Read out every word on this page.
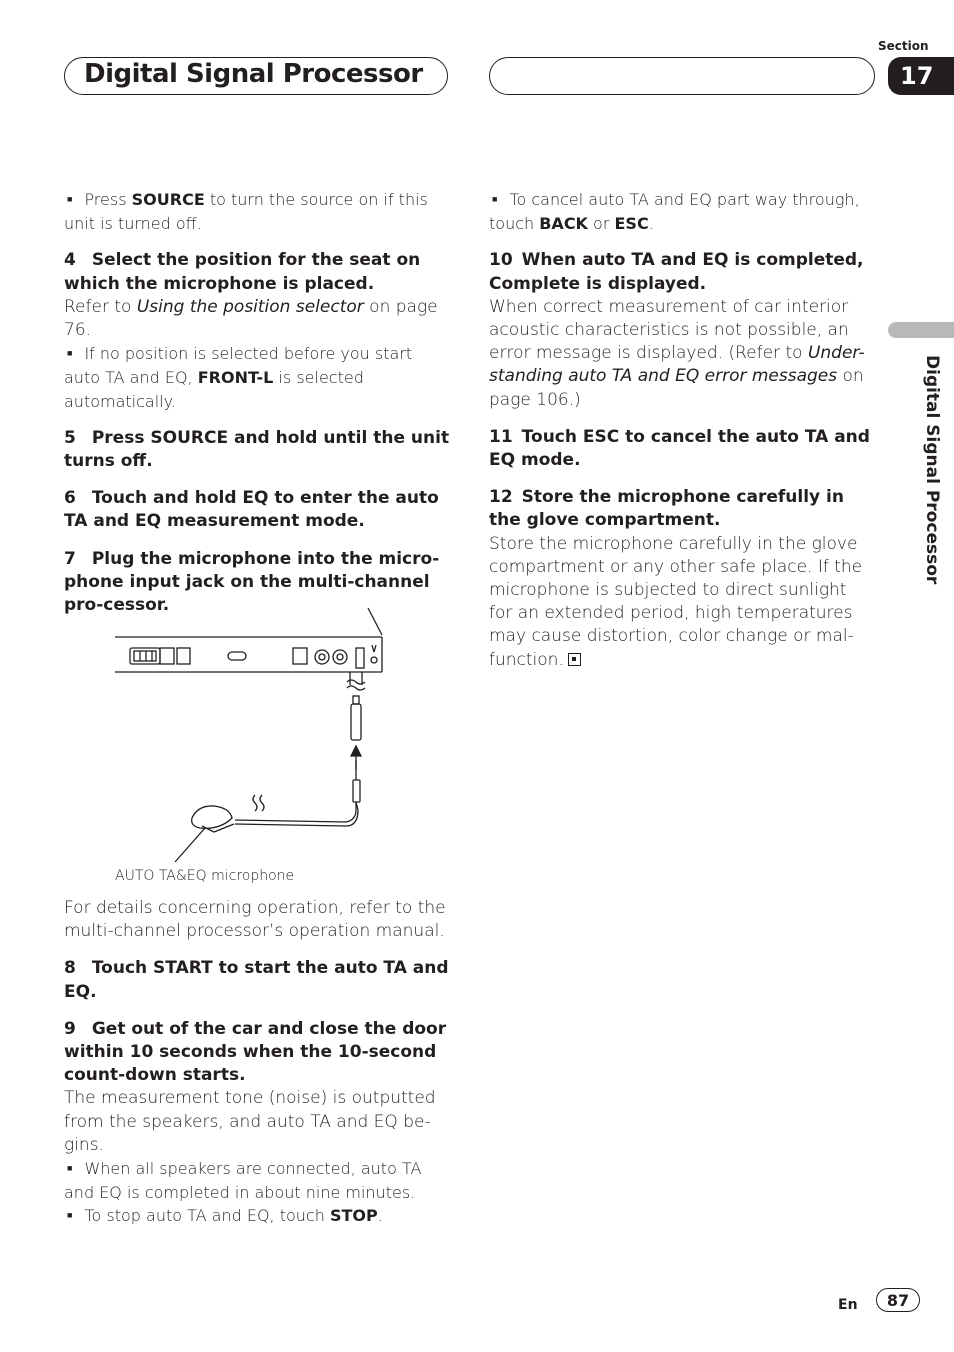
Digital Signal Processor
Section
17
Digital Signal Processor

■ Press SOURCE to turn the source on if this unit is turned off.

4 Select the position for the seat on which the microphone is placed.

Refer to Using the position selector on page 76.

■ If no position is selected before you start auto TA and EQ, FRONT-L is selected automatically.

5 Press SOURCE and hold until the unit turns off.

6 Touch and hold EQ to enter the auto TA and EQ measurement mode.

7 Plug the microphone into the micro-phone input jack on the multi-channel pro-cessor.

AUTO TA&EQ microphone

For details concerning operation, refer to the multi-channel processor’s operation manual.

8 Touch START to start the auto TA and EQ.

9 Get out of the car and close the door within 10 seconds when the 10-second count-down starts.

The measurement tone (noise) is outputted from the speakers, and auto TA and EQ be-gins.

■ When all speakers are connected, auto TA and EQ is completed in about nine minutes.

■ To stop auto TA and EQ, touch STOP.

■ To cancel auto TA and EQ part way through, touch BACK or ESC.

10 When auto TA and EQ is completed, Complete is displayed.

When correct measurement of car interior acoustic characteristics is not possible, an error message is displayed. (Refer to Under-standing auto TA and EQ error messages on page 106.)

11 Touch ESC to cancel the auto TA and EQ mode.

12 Store the microphone carefully in the glove compartment.

Store the microphone carefully in the glove compartment or any other safe place. If the microphone is subjected to direct sunlight for an extended period, high temperatures may cause distortion, color change or mal-function.

En 87
